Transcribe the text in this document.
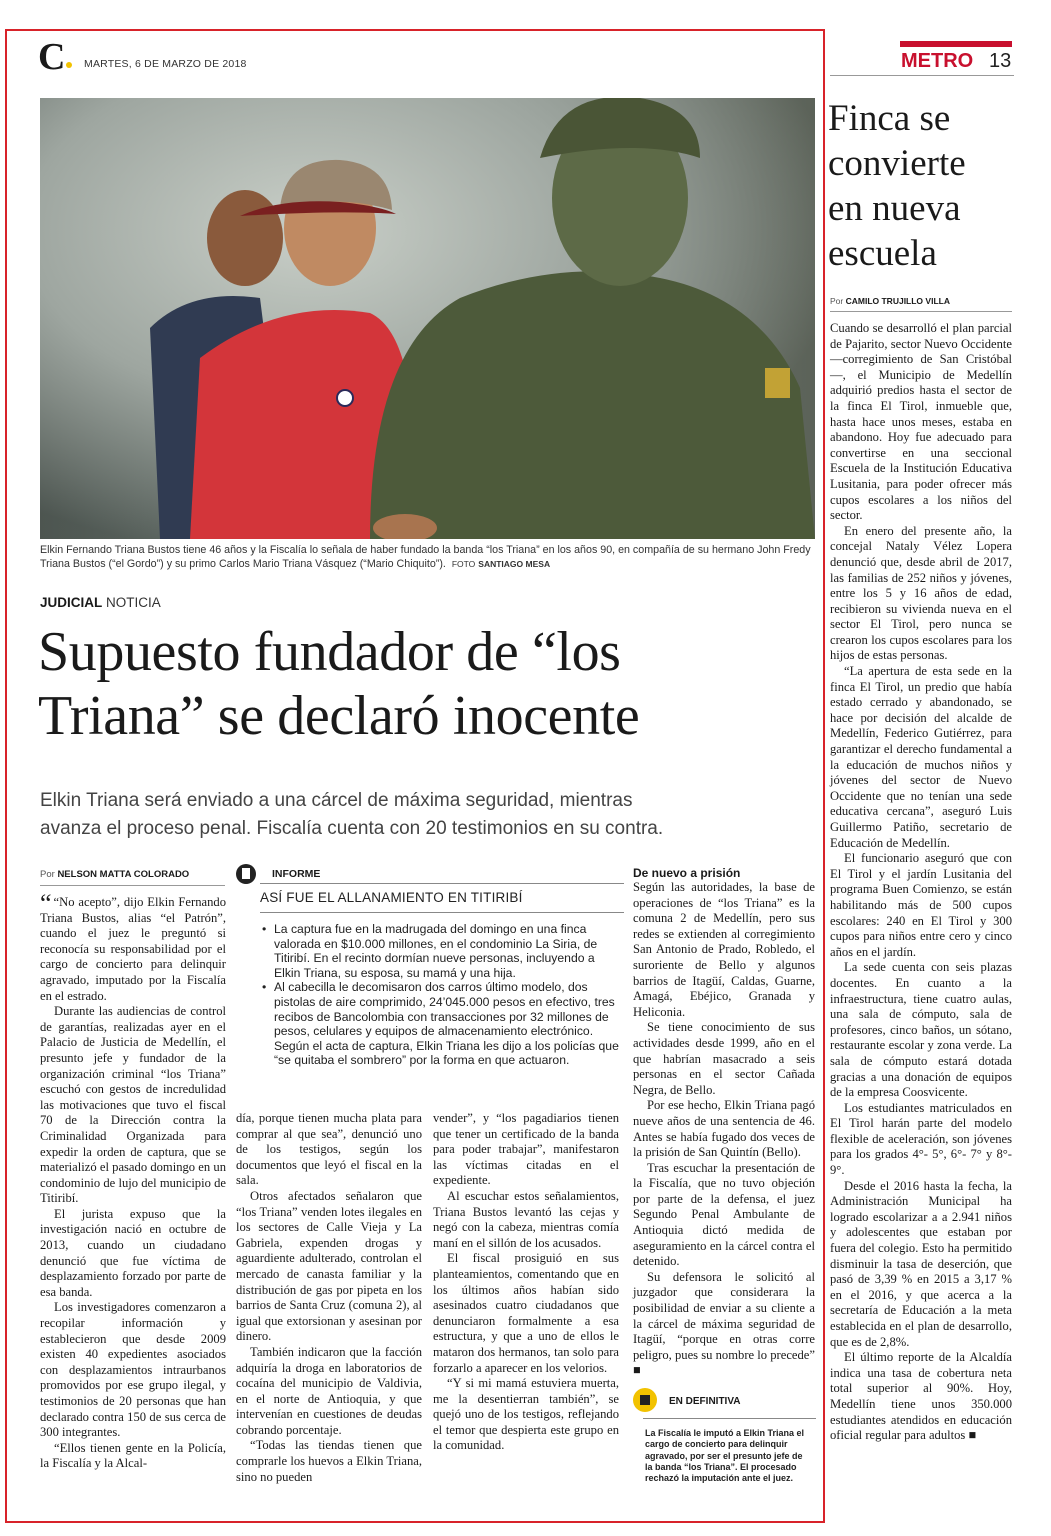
C	MARTES, 6 DE MARZO DE 2018	METRO 13
Elkin Fernando Triana Bustos tiene 46 años y la Fiscalía lo señala de haber fundado la banda “los Triana” en los años 90, en compañía de su hermano John Fredy Triana Bustos (“el Gordo”) y su primo Carlos Mario Triana Vásquez (“Mario Chiquito”). FOTO SANTIAGO MESA
JUDICIAL NOTICIA
Supuesto fundador de “los
Triana” se declaró inocente
Elkin Triana será enviado a una cárcel de máxima seguridad, mientras
avanza el proceso penal. Fiscalía cuenta con 20 testimonios en su contra.
Por NELSON MATTA COLORADO

“ “No acepto”, dijo Elkin Fernando Triana Bustos, alias “el Patrón”, cuando el juez le preguntó si reconocía su responsabilidad por el cargo de concierto para delinquir agravado, imputado por la Fiscalía en el estrado.

Durante las audiencias de control de garantías, realizadas ayer en el Palacio de Justicia de Medellín, el presunto jefe y fundador de la organización criminal “los Triana” escuchó con gestos de incredulidad las motivaciones que tuvo el fiscal 70 de la Dirección contra la Criminalidad Organizada para expedir la orden de captura, que se materializó el pasado domingo en un condominio de lujo del municipio de Titiribí.

El jurista expuso que la investigación nació en octubre de 2013, cuando un ciudadano denunció que fue víctima de desplazamiento forzado por parte de esa banda.

Los investigadores comenzaron a recopilar información y establecieron que desde 2009 existen 40 expedientes asociados con desplazamientos intraurbanos promovidos por ese grupo ilegal, y testimonios de 20 personas que han declarado contra 150 de sus cerca de 300 integrantes.

“Ellos tienen gente en la Policía, la Fiscalía y la Alcal-

INFORME
ASÍ FUE EL ALLANAMIENTO EN TITIRIBÍ
• La captura fue en la madrugada del domingo en una finca valorada en $10.000 millones, en el condominio La Siria, de Titiribí. En el recinto dormían nueve personas, incluyendo a Elkin Triana, su esposa, su mamá y una hija.
• Al cabecilla le decomisaron dos carros último modelo, dos pistolas de aire comprimido, 24’045.000 pesos en efectivo, tres recibos de Bancolombia con transacciones por 32 millones de pesos, celulares y equipos de almacenamiento electrónico. Según el acta de captura, Elkin Triana les dijo a los policías que “se quitaba el sombrero” por la forma en que actuaron.

día, porque tienen mucha plata para comprar al que sea”, denunció uno de los testigos, según los documentos que leyó el fiscal en la sala.

Otros afectados señalaron que “los Triana” venden lotes ilegales en los sectores de Calle Vieja y La Gabriela, expenden drogas y aguardiente adulterado, controlan el mercado de canasta familiar y la distribución de gas por pipeta en los barrios de Santa Cruz (comuna 2), al igual que extorsionan y asesinan por dinero.

También indicaron que la facción adquiría la droga en laboratorios de cocaína del municipio de Valdivia, en el norte de Antioquia, y que intervenían en cuestiones de deudas cobrando porcentaje.

“Todas las tiendas tienen que comprarle los huevos a Elkin Triana, sino no pueden

vender”, y “los pagadiarios tienen que tener un certificado de la banda para poder trabajar”, manifestaron las víctimas citadas en el expediente.

Al escuchar estos señalamientos, Triana Bustos levantó las cejas y negó con la cabeza, mientras comía maní en el sillón de los acusados.

El fiscal prosiguió en sus planteamientos, comentando que en los últimos años habían sido asesinados cuatro ciudadanos que denunciaron formalmente a esa estructura, y que a uno de ellos le mataron dos hermanos, tan solo para forzarlo a aparecer en los velorios.

“Y si mi mamá estuviera muerta, me la desentierran también”, se quejó uno de los testigos, reflejando el temor que despierta este grupo en la comunidad.

De nuevo a prisión

Según las autoridades, la base de operaciones de “los Triana” es la comuna 2 de Medellín, pero sus redes se extienden al corregimiento San Antonio de Prado, Robledo, el suroriente de Bello y algunos barrios de Itagüí, Caldas, Guarne, Amagá, Ebéjico, Granada y Heliconia.

Se tiene conocimiento de sus actividades desde 1999, año en el que habrían masacrado a seis personas en el sector Cañada Negra, de Bello.

Por ese hecho, Elkin Triana pagó nueve años de una sentencia de 46. Antes se había fugado dos veces de la prisión de San Quintín (Bello).

Tras escuchar la presentación de la Fiscalía, que no tuvo objeción por parte de la defensa, el juez Segundo Penal Ambulante de Antioquia dictó medida de aseguramiento en la cárcel contra el detenido.

Su defensora le solicitó al juzgador que considerara la posibilidad de enviar a su cliente a la cárcel de máxima seguridad de Itagüí, “porque en otras corre peligro, pues su nombre lo precede” ■

EN DEFINITIVA
La Fiscalía le imputó a Elkin Triana el cargo de concierto para delinquir agravado, por ser el presunto jefe de la banda “los Triana”. El procesado rechazó la imputación ante el juez.
Finca se
convierte
en nueva
escuela
Por CAMILO TRUJILLO VILLA

Cuando se desarrolló el plan parcial de Pajarito, sector Nuevo Occidente —corregimiento de San Cristóbal—, el Municipio de Medellín adquirió predios hasta el sector de la finca El Tirol, inmueble que, hasta hace unos meses, estaba en abandono. Hoy fue adecuado para convertirse en una seccional Escuela de la Institución Educativa Lusitania, para poder ofrecer más cupos escolares a los niños del sector.

En enero del presente año, la concejal Nataly Vélez Lopera denunció que, desde abril de 2017, las familias de 252 niños y jóvenes, entre los 5 y 16 años de edad, recibieron su vivienda nueva en el sector El Tirol, pero nunca se crearon los cupos escolares para los hijos de estas personas.

“La apertura de esta sede en la finca El Tirol, un predio que había estado cerrado y abandonado, se hace por decisión del alcalde de Medellín, Federico Gutiérrez, para garantizar el derecho fundamental a la educación de muchos niños y jóvenes del sector de Nuevo Occidente que no tenían una sede educativa cercana”, aseguró Luis Guillermo Patiño, secretario de Educación de Medellín.

El funcionario aseguró que con El Tirol y el jardín Lusitania del programa Buen Comienzo, se están habilitando más de 500 cupos escolares: 240 en El Tirol y 300 cupos para niños entre cero y cinco años en el jardín.

La sede cuenta con seis plazas docentes. En cuanto a la infraestructura, tiene cuatro aulas, una sala de cómputo, sala de profesores, cinco baños, un sótano, restaurante escolar y zona verde. La sala de cómputo estará dotada gracias a una donación de equipos de la empresa Coosvicente.

Los estudiantes matriculados en El Tirol harán parte del modelo flexible de aceleración, son jóvenes para los grados 4°- 5°, 6°- 7° y 8°- 9°.

Desde el 2016 hasta la fecha, la Administración Municipal ha logrado escolarizar a a 2.941 niños y adolescentes que estaban por fuera del colegio. Esto ha permitido disminuir la tasa de deserción, que pasó de 3,39 % en 2015 a 3,17 % en el 2016, y que acerca a la secretaría de Educación a la meta establecida en el plan de desarrollo, que es de 2,8%.

El último reporte de la Alcaldía indica una tasa de cobertura neta total superior al 90%. Hoy, Medellín tiene unos 350.000 estudiantes atendidos en educación oficial regular para adultos ■
